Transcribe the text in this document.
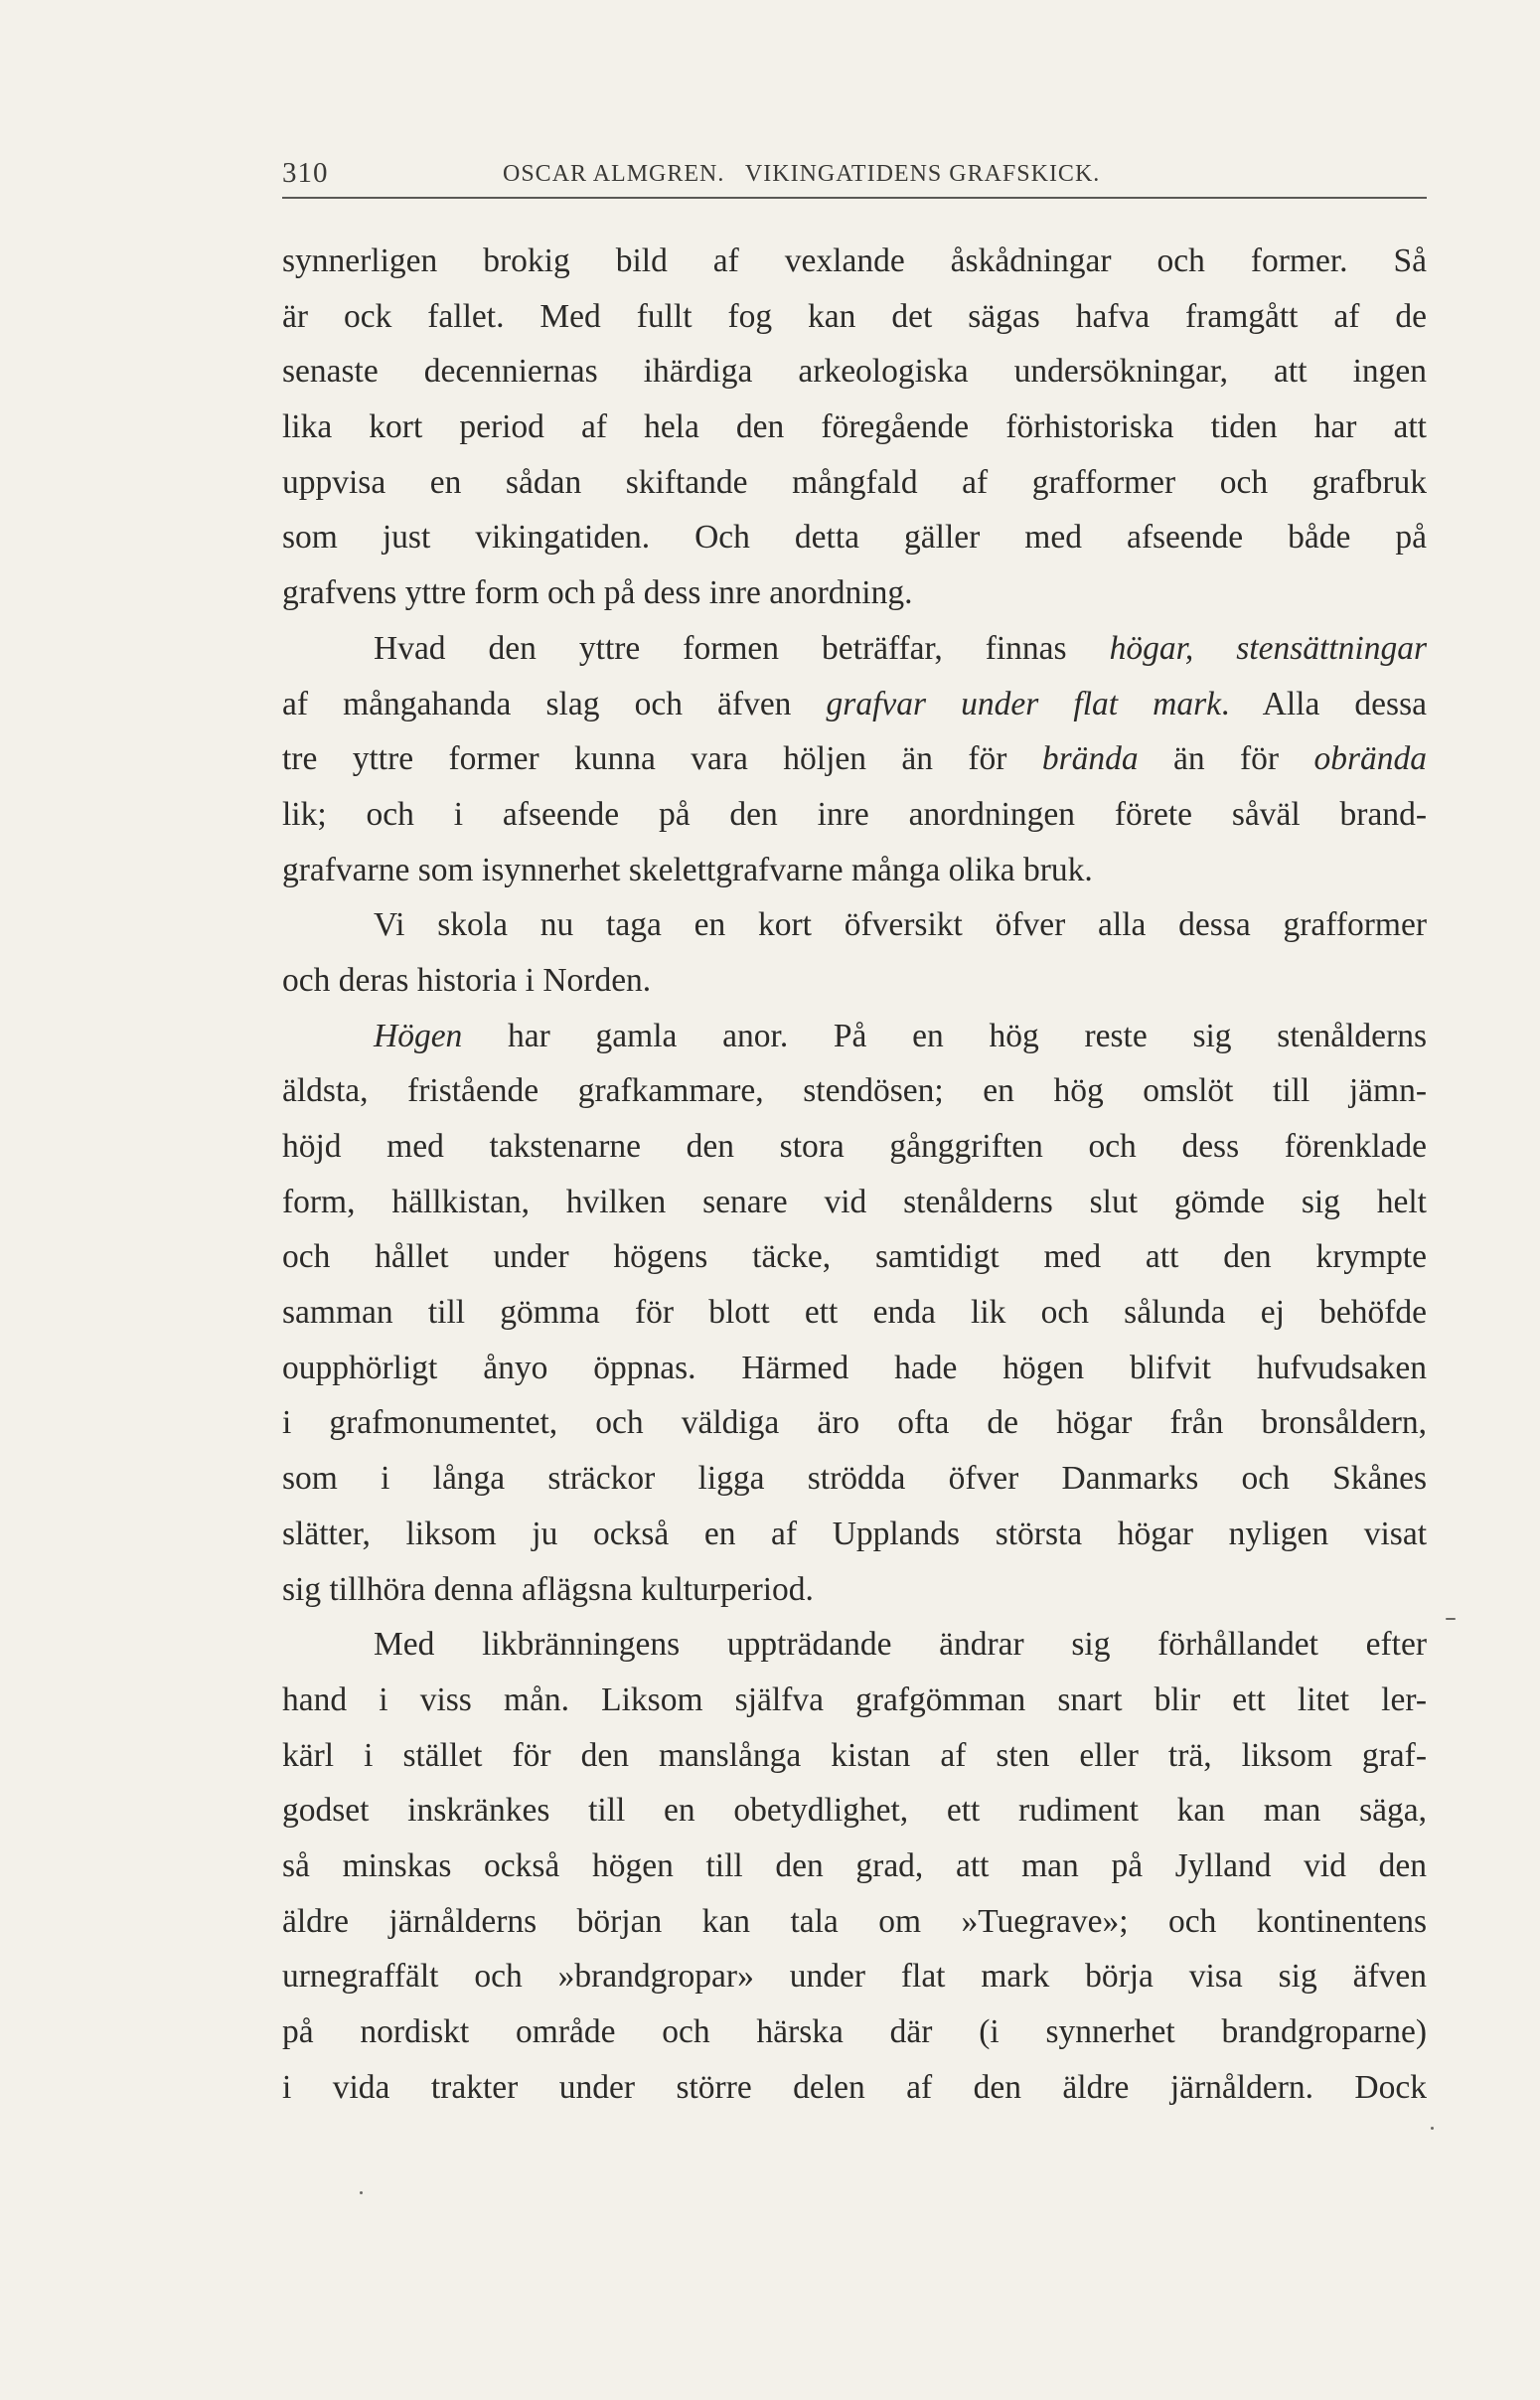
310	OSCAR ALMGREN.   VIKINGATIDENS GRAFSKICK.
synnerligen brokig bild af vexlande åskådningar och former. Så
är ock fallet. Med fullt fog kan det sägas hafva framgått af de
senaste decenniernas ihärdiga arkeologiska undersökningar, att ingen
lika kort period af hela den föregående förhistoriska tiden har att
uppvisa en sådan skiftande mångfald af grafformer och grafbruk
som just vikingatiden. Och detta gäller med afseende både på
grafvens yttre form och på dess inre anordning.
Hvad den yttre formen beträffar, finnas högar, stensättningar
af mångahanda slag och äfven grafvar under flat mark. Alla dessa
tre yttre former kunna vara höljen än för brända än för obrända
lik; och i afseende på den inre anordningen förete såväl brand-
grafvarne som isynnerhet skelettgrafvarne många olika bruk.
Vi skola nu taga en kort öfversikt öfver alla dessa grafformer
och deras historia i Norden.
Högen har gamla anor. På en hög reste sig stenålderns
äldsta, fristående grafkammare, stendösen; en hög omslöt till jämn-
höjd med takstenarne den stora gånggriften och dess förenklade
form, hällkistan, hvilken senare vid stenålderns slut gömde sig helt
och hållet under högens täcke, samtidigt med att den krympte
samman till gömma för blott ett enda lik och sålunda ej behöfde
oupphörligt ånyo öppnas. Härmed hade högen blifvit hufvudsaken
i grafmonumentet, och väldiga äro ofta de högar från bronsåldern,
som i långa sträckor ligga strödda öfver Danmarks och Skånes
slätter, liksom ju också en af Upplands största högar nyligen visat
sig tillhöra denna aflägsna kulturperiod.
Med likbränningens uppträdande ändrar sig förhållandet efter
hand i viss mån. Liksom själfva grafgömman snart blir ett litet ler-
kärl i stället för den manslånga kistan af sten eller trä, liksom graf-
godset inskränkes till en obetydlighet, ett rudiment kan man säga,
så minskas också högen till den grad, att man på Jylland vid den
äldre järnålderns början kan tala om »Tuegrave»; och kontinentens
urnegraffält och »brandgropar» under flat mark börja visa sig äfven
på nordiskt område och härska där (i synnerhet brandgroparne)
i vida trakter under större delen af den äldre järnåldern. Dock
